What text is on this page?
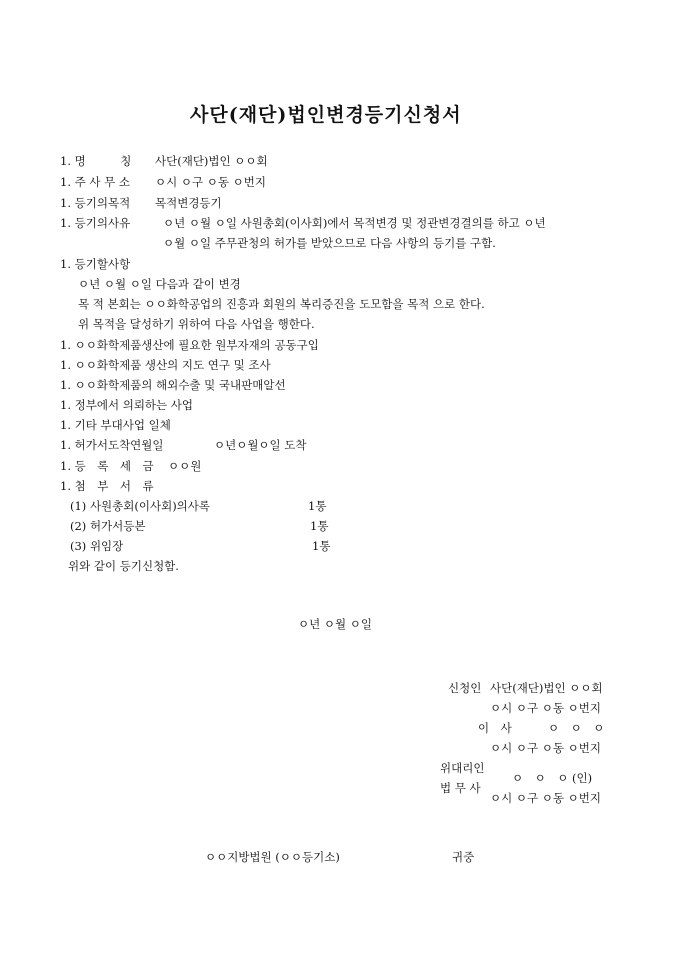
사단(재단)법인변경등기신청서
1. 명　　　칭 사단(재단)법인 ㅇㅇ회
1. 주 사 무 소 ㅇ시 ㅇ구 ㅇ동 ㅇ번지
1. 등기의목적 목적변경등기
1. 등기의사유	ㅇ년 ㅇ월 ㅇ일 사원총회(이사회)에서 목적변경 및 정관변경결의를 하고 ㅇ년
ㅇ월 ㅇ일 주무관청의 허가를 받았으므로 다음 사항의 등기를 구함.
1. 등기할사항
ㅇ년 ㅇ월 ㅇ일 다음과 같이 변경
목 적 본회는 ㅇㅇ화학공업의 진흥과 회원의 복리증진을 도모함을 목적 으로 한다.
위 목적을 달성하기 위하여 다음 사업을 행한다.
1. ㅇㅇ화학제품생산에 필요한 원부자재의 공동구입
1. ㅇㅇ화학제품 생산의 지도 연구 및 조사
1. ㅇㅇ화학제품의 해외수출 및 국내판매알선
1. 정부에서 의뢰하는 사업
1. 기타 부대사업 일체
1. 허가서도착연월일	ㅇ년ㅇ월ㅇ일 도착
1. 등　록　세　금 ㅇㅇ원
1. 첨　부　서　류
(1) 사원총회(이사회)의사록	1통
(2) 허가서등본	1통
(3) 위임장	1통
위와 같이 등기신청함.
ㅇ년 ㅇ월 ㅇ일
신청인 사단(재단)법인 ㅇㅇ회
ㅇ시 ㅇ구 ㅇ동 ㅇ번지
이　사	ㅇ　ㅇ　ㅇ
ㅇ시 ㅇ구 ㅇ동 ㅇ번지
위대리인
법 무 사
ㅇ　ㅇ　ㅇ (인)
ㅇ시 ㅇ구 ㅇ동 ㅇ번지
ㅇㅇ지방법원 (ㅇㅇ등기소)	귀중
